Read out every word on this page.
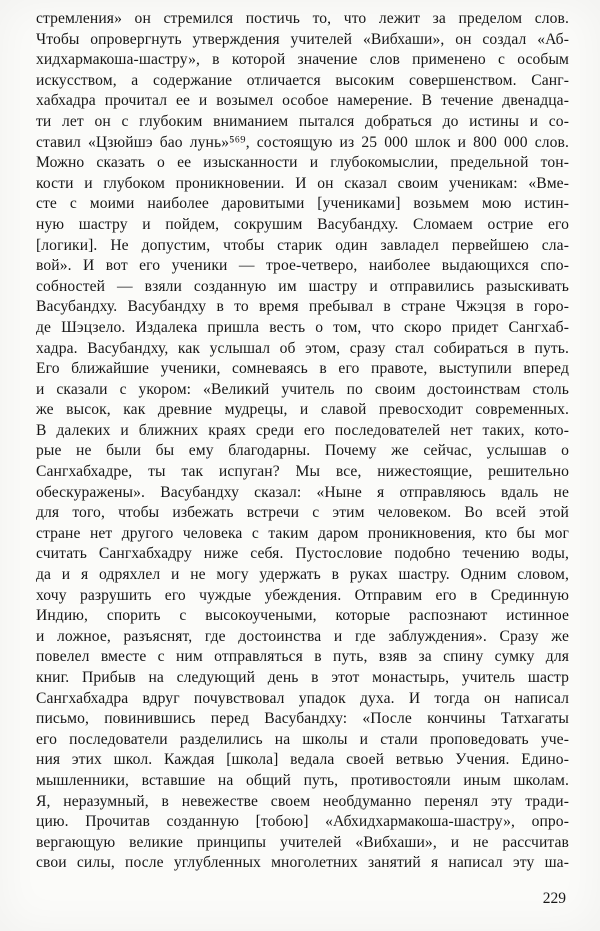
стремления» он стремился постичь то, что лежит за пределом слов.
Чтобы опровергнуть утверждения учителей «Вибхаши», он создал «Аб-
хидхармакоша-шастру», в которой значение слов применено с особым
искусством, а содержание отличается высоким совершенством. Санг-
хабхадра прочитал ее и возымел особое намерение. В течение двенадца-
ти лет он с глубоким вниманием пытался добраться до истины и со-
ставил «Цзюйшэ бао лунь»⁵⁶⁹, состоящую из 25 000 шлок и 800 000 слов.
Можно сказать о ее изысканности и глубокомыслии, предельной тон-
кости и глубоком проникновении. И он сказал своим ученикам: «Вме-
сте с моими наиболее даровитыми [учениками] возьмем мою истин-
ную шастру и пойдем, сокрушим Васубандху. Сломаем острие его
[логики]. Не допустим, чтобы старик один завладел первейшею сла-
вой». И вот его ученики — трое-четверо, наиболее выдающихся спо-
собностей — взяли созданную им шастру и отправились разыскивать
Васубандху. Васубандху в то время пребывал в стране Чжэцзя в горо-
де Шэцзело. Издалека пришла весть о том, что скоро придет Сангхаб-
хадра. Васубандху, как услышал об этом, сразу стал собираться в путь.
Его ближайшие ученики, сомневаясь в его правоте, выступили вперед
и сказали с укором: «Великий учитель по своим достоинствам столь
же высок, как древние мудрецы, и славой превосходит современных.
В далеких и ближних краях среди его последователей нет таких, кото-
рые не были бы ему благодарны. Почему же сейчас, услышав о
Сангхабхадре, ты так испуган? Мы все, нижестоящие, решительно
обескуражены». Васубандху сказал: «Ныне я отправляюсь вдаль не
для того, чтобы избежать встречи с этим человеком. Во всей этой
стране нет другого человека с таким даром проникновения, кто бы мог
считать Сангхабхадру ниже себя. Пустословие подобно течению воды,
да и я одряхлел и не могу удержать в руках шастру. Одним словом,
хочу разрушить его чуждые убеждения. Отправим его в Срединную
Индию, спорить с высокоучеными, которые распознают истинное
и ложное, разъяснят, где достоинства и где заблуждения». Сразу же
повелел вместе с ним отправляться в путь, взяв за спину сумку для
книг. Прибыв на следующий день в этот монастырь, учитель шастр
Сангхабхадра вдруг почувствовал упадок духа. И тогда он написал
письмо, повинившись перед Васубандху: «После кончины Татхагаты
его последователи разделились на школы и стали проповедовать уче-
ния этих школ. Каждая [школа] ведала своей ветвью Учения. Едино-
мышленники, вставшие на общий путь, противостояли иным школам.
Я, неразумный, в невежестве своем необдуманно перенял эту тради-
цию. Прочитав созданную [тобою] «Абхидхармакоша-шастру», опро-
вергающую великие принципы учителей «Вибхаши», и не рассчитав
свои силы, после углубленных многолетних занятий я написал эту ша-
229
